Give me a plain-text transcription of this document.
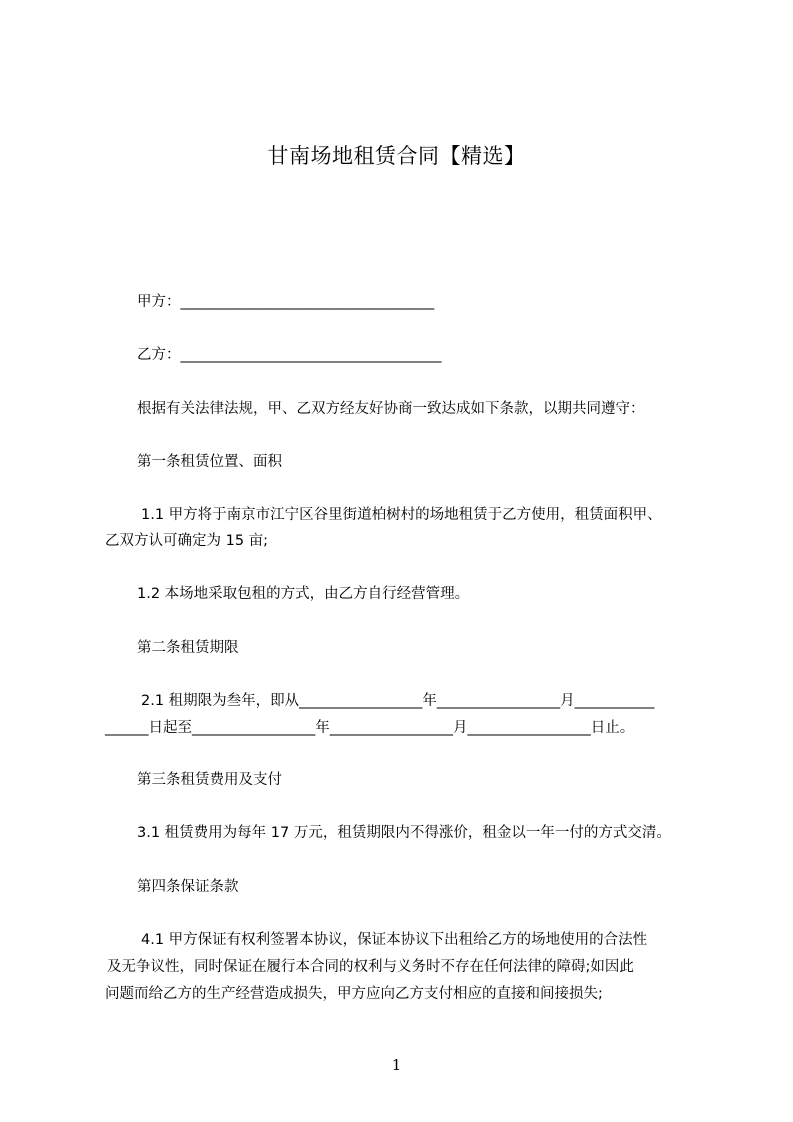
甘南场地租赁合同【精选】
甲方：___________________________________
乙方：____________________________________
根据有关法律法规，甲、乙双方经友好协商一致达成如下条款，以期共同遵守：
第一条租赁位置、面积
1.1 甲方将于南京市江宁区谷里街道柏树村的场地租赁于乙方使用，租赁面积甲、
乙双方认可确定为 15 亩;
1.2 本场地采取包租的方式，由乙方自行经营管理。
第二条租赁期限
2.1 租期限为叁年，即从_________________年_________________月___________
______日起至_________________年_________________月_________________日止。
第三条租赁费用及支付
3.1 租赁费用为每年 17 万元，租赁期限内不得涨价，租金以一年一付的方式交清。
第四条保证条款
4.1 甲方保证有权利签署本协议，保证本协议下出租给乙方的场地使用的合法性
及无争议性，同时保证在履行本合同的权利与义务时不存在任何法律的障碍;如因此
问题而给乙方的生产经营造成损失，甲方应向乙方支付相应的直接和间接损失;
1
